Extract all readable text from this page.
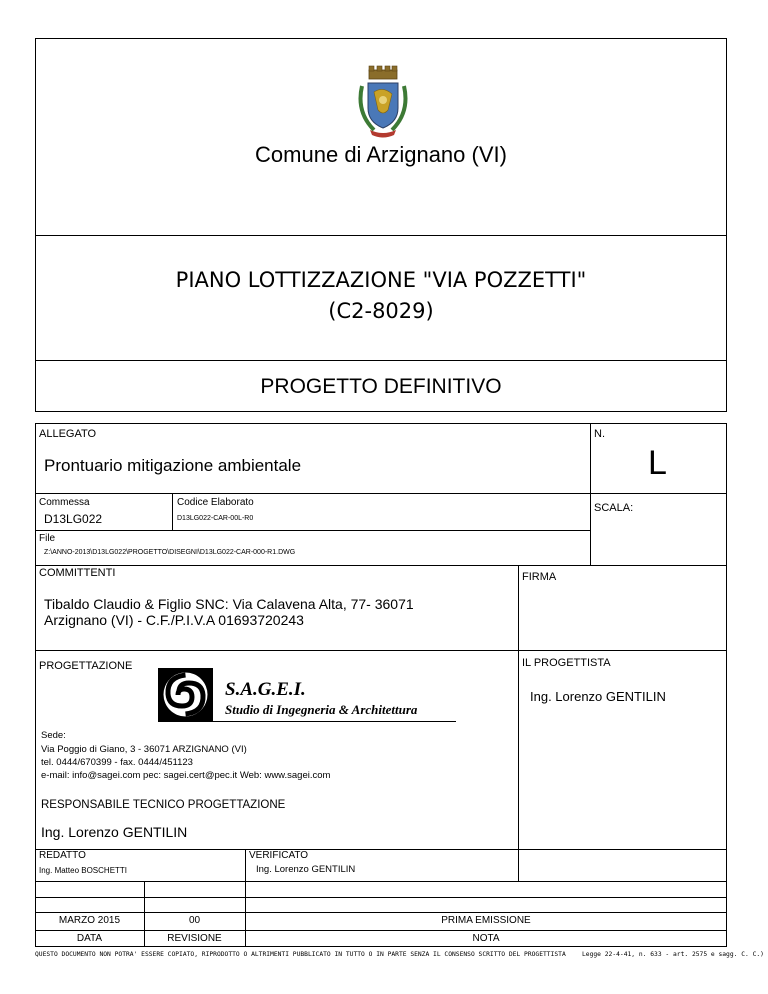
Comune di Arzignano (VI)
PIANO LOTTIZZAZIONE "VIA POZZETTI"
(C2-8029)
PROGETTO DEFINITIVO
ALLEGATO
Prontuario mitigazione ambientale
N.
L
Commessa
D13LG022
Codice Elaborato
D13LG022-CAR-00L-R0
SCALA:
File
Z:\ANNO-2013\D13LG022\PROGETTO\DISEGNI\D13LG022-CAR-000-R1.DWG
COMMITTENTI	FIRMA
Tibaldo Claudio & Figlio SNC: Via Calavena Alta, 77- 36071
Arzignano (VI) - C.F./P.I.V.A 01693720243
PROGETTAZIONE	IL PROGETTISTA
Ing. Lorenzo GENTILIN
S.A.G.E.I.
Studio di Ingegneria & Architettura
Sede:
Via Poggio di Giano, 3 - 36071 ARZIGNANO (VI)
tel. 0444/670399 - fax. 0444/451123
e-mail: info@sagei.com pec: sagei.cert@pec.it Web: www.sagei.com
RESPONSABILE TECNICO PROGETTAZIONE
Ing. Lorenzo GENTILIN
REDATTO
Ing. Matteo BOSCHETTI
VERIFICATO
Ing. Lorenzo GENTILIN
MARZO 2015	00	PRIMA EMISSIONE
DATA	REVISIONE	NOTA
QUESTO DOCUMENTO NON POTRA' ESSERE COPIATO, RIPRODOTTO O ALTRIMENTI PUBBLICATO IN TUTTO O IN PARTE SENZA IL CONSENSO SCRITTO DEL PROGETTISTA	Legge 22-4-41, n. 633 - art. 2575 e sagg. C. C.)
